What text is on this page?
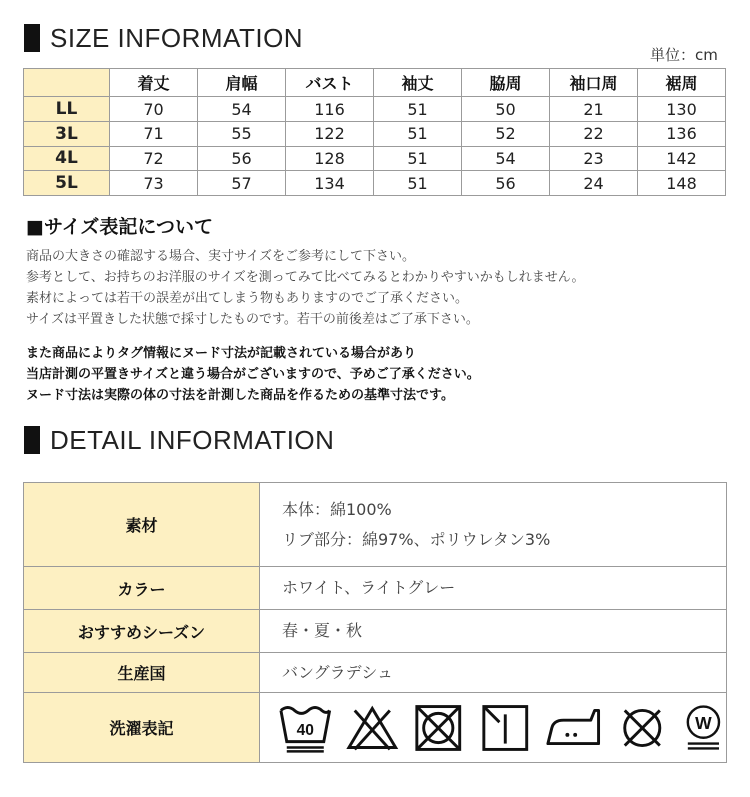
SIZE INFORMATION
単位：cm
	着丈	肩幅	バスト	袖丈	脇周	袖口周	裾周
LL	70	54	116	51	50	21	130
3L	71	55	122	51	52	22	136
4L	72	56	128	51	54	23	142
5L	73	57	134	51	56	24	148
■サイズ表記について
商品の大きさの確認する場合、実寸サイズをご参考にして下さい。
参考として、お持ちのお洋服のサイズを測ってみて比べてみるとわかりやすいかもしれません。
素材によっては若干の誤差が出てしまう物もありますのでご了承ください。
サイズは平置きした状態で採寸したものです。若干の前後差はご了承下さい。
また商品によりタグ情報にヌード寸法が記載されている場合があり
当店計測の平置きサイズと違う場合がございますので、予めご了承ください。
ヌード寸法は実際の体の寸法を計測した商品を作るための基準寸法です。
DETAIL INFORMATION
素材	本体：綿100%
リブ部分：綿97%、ポリウレタン3%

カラー	ホワイト、ライトグレー
おすすめシーズン	春・夏・秋
生産国	バングラデシュ
洗濯表記	40 W
